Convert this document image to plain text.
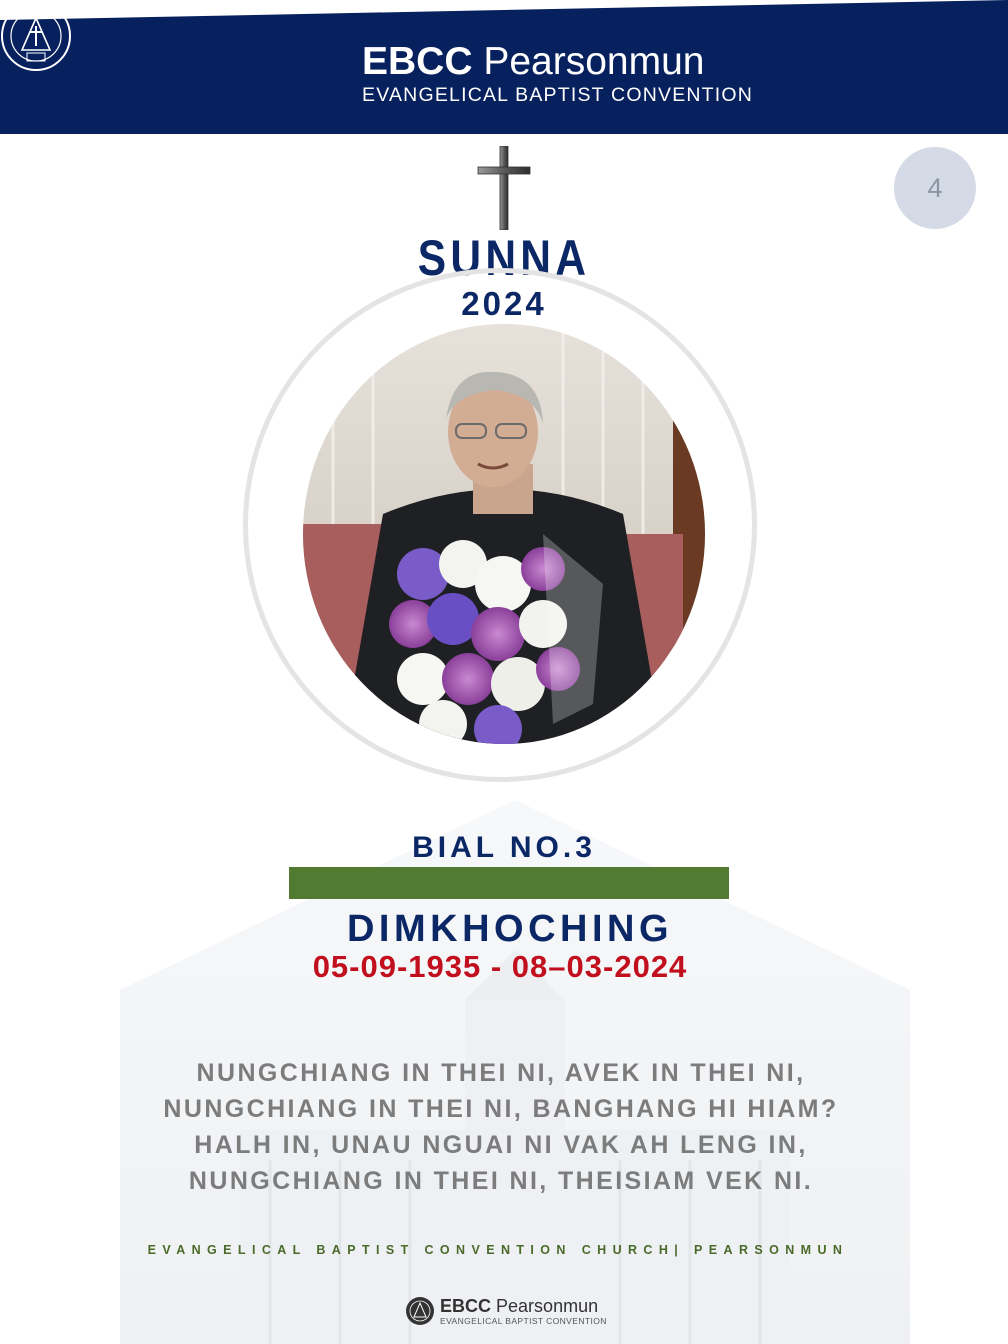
EBCC Pearsonmun
EVANGELICAL BAPTIST CONVENTION
4
SUNNA
2024
BIAL NO.3
DIMKHOCHING
05-09-1935 - 08–03-2024
NUNGCHIANG IN THEI NI, AVEK IN THEI NI,
NUNGCHIANG IN THEI NI, BANGHANG HI HIAM?
HALH IN, UNAU NGUAI NI VAK AH LENG IN,
NUNGCHIANG IN THEI NI, THEISIAM VEK NI.
EVANGELICAL BAPTIST CONVENTION CHURCH| PEARSONMUN
EBCC Pearsonmun
EVANGELICAL BAPTIST CONVENTION
